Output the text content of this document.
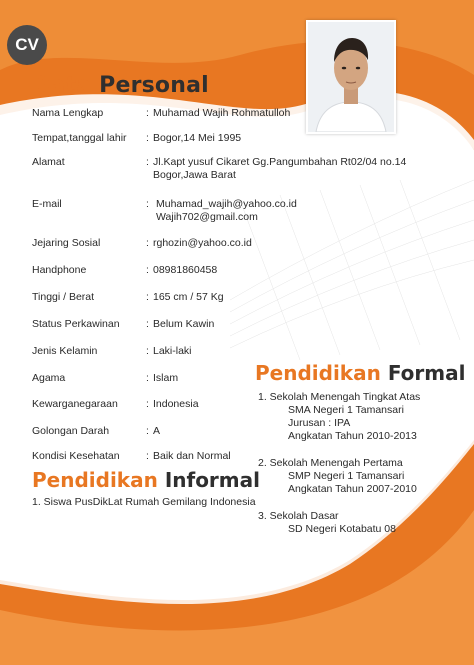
CV
Data Personal
Nama Lengkap	: Muhamad Wajih Rohmatulloh
Tempat,tanggal lahir : Bogor,14 Mei 1995
Alamat	: Jl.Kapt yusuf Cikaret Gg.Pangumbahan Rt02/04 no.14
Bogor,Jawa Barat
E-mail	: Muhamad_wajih@yahoo.co.id
Wajih702@gmail.com
Jejaring Sosial	: rghozin@yahoo.co.id
Handphone	: 08981860458
Tinggi / Berat	: 165 cm / 57 Kg
Status Perkawinan	: Belum Kawin
Jenis Kelamin	: Laki-laki
Agama	: Islam
Kewarganegaraan	: Indonesia
Golongan Darah	: A
Kondisi Kesehatan	: Baik dan Normal
Pendidikan Formal
1. Sekolah Menengah Tingkat Atas
SMA Negeri 1 Tamansari
Jurusan : IPA
Angkatan Tahun 2010-2013
2. Sekolah Menengah Pertama
SMP Negeri 1 Tamansari
Angkatan Tahun 2007-2010
3. Sekolah Dasar
SD Negeri Kotabatu 08
Pendidikan Informal
1. Siswa PusDikLat Rumah Gemilang Indonesia
